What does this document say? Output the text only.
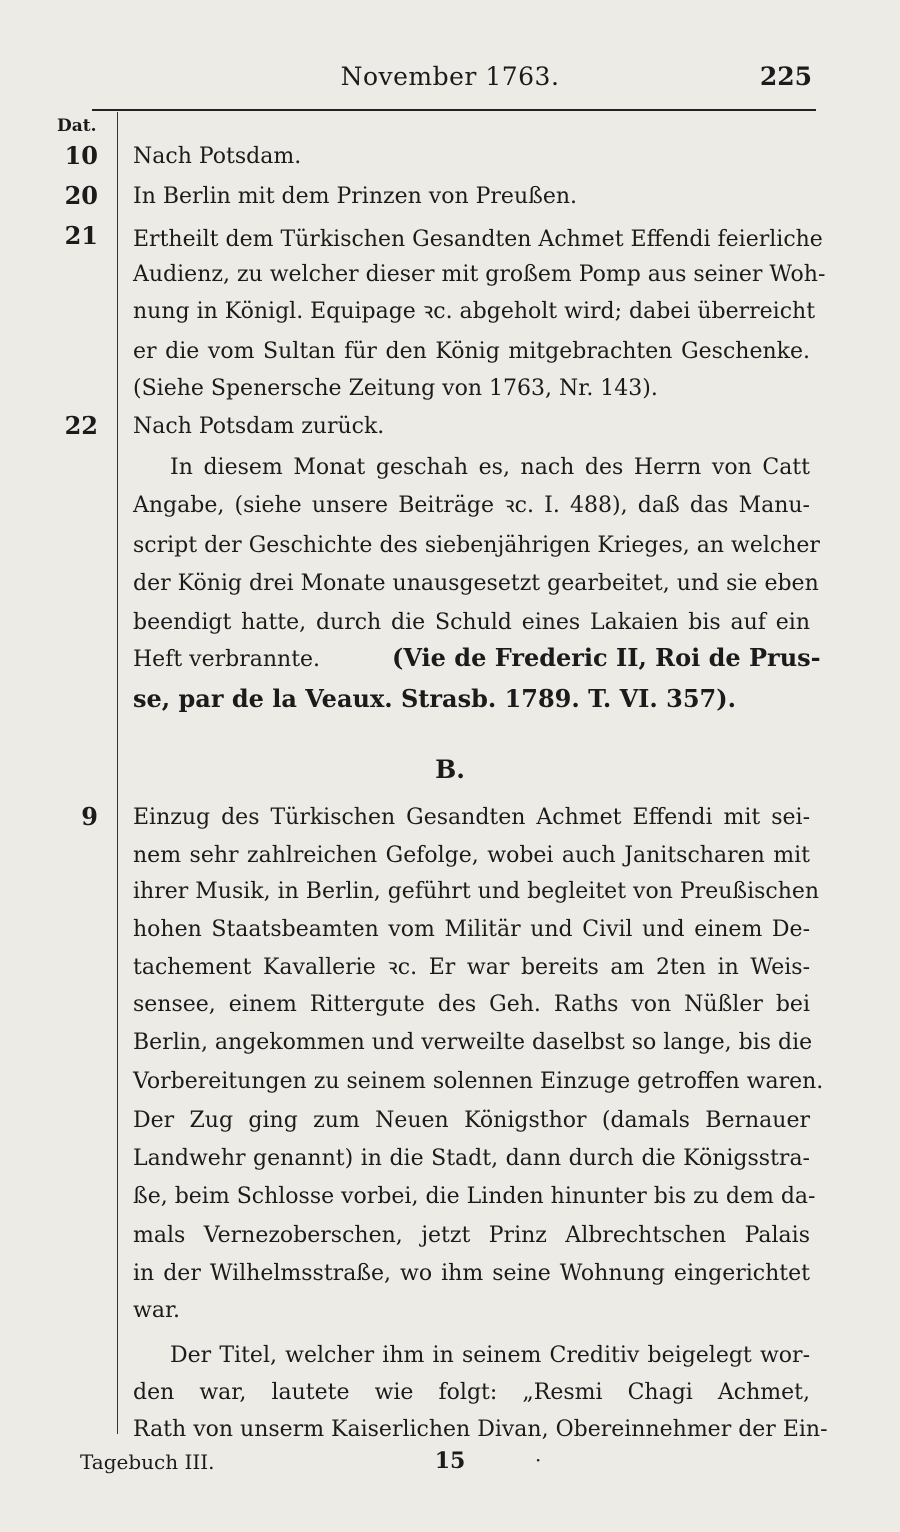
November 1763.	225
Dat.
10 Nach Potsdam.
20 In Berlin mit dem Prinzen von Preußen.
21 Ertheilt dem Türkischen Gesandten Achmet Effendi feierliche
Audienz, zu welcher dieser mit großem Pomp aus seiner Woh-
nung in Königl. Equipage ꝛc. abgeholt wird; dabei überreicht
er die vom Sultan für den König mitgebrachten Geschenke.
(Siehe Spenersche Zeitung von 1763, Nr. 143).
22 Nach Potsdam zurück.
In diesem Monat geschah es, nach des Herrn von Catt
Angabe, (siehe unsere Beiträge ꝛc. I. 488), daß das Manu-
script der Geschichte des siebenjährigen Krieges, an welcher
der König drei Monate unausgesetzt gearbeitet, und sie eben
beendigt hatte, durch die Schuld eines Lakaien bis auf ein
Heft verbrannte.	(Vie de Frederic II, Roi de Prus-
se, par de la Veaux. Strasb. 1789. T. VI. 357).
B.
9 Einzug des Türkischen Gesandten Achmet Effendi mit sei-
nem sehr zahlreichen Gefolge, wobei auch Janitscharen mit
ihrer Musik, in Berlin, geführt und begleitet von Preußischen
hohen Staatsbeamten vom Militär und Civil und einem De-
tachement Kavallerie ꝛc. Er war bereits am 2ten in Weis-
sensee, einem Rittergute des Geh. Raths von Nüßler bei
Berlin, angekommen und verweilte daselbst so lange, bis die
Vorbereitungen zu seinem solennen Einzuge getroffen waren.
Der Zug ging zum Neuen Königsthor (damals Bernauer
Landwehr genannt) in die Stadt, dann durch die Königsstra-
ße, beim Schlosse vorbei, die Linden hinunter bis zu dem da-
mals Vernezoberschen, jetzt Prinz Albrechtschen Palais
in der Wilhelmsstraße, wo ihm seine Wohnung eingerichtet
war.
Der Titel, welcher ihm in seinem Creditiv beigelegt wor-
den war, lautete wie folgt: „Resmi Chagi Achmet,
Rath von unserm Kaiserlichen Divan, Obereinnehmer der Ein-
Tagebuch III.	·
15
